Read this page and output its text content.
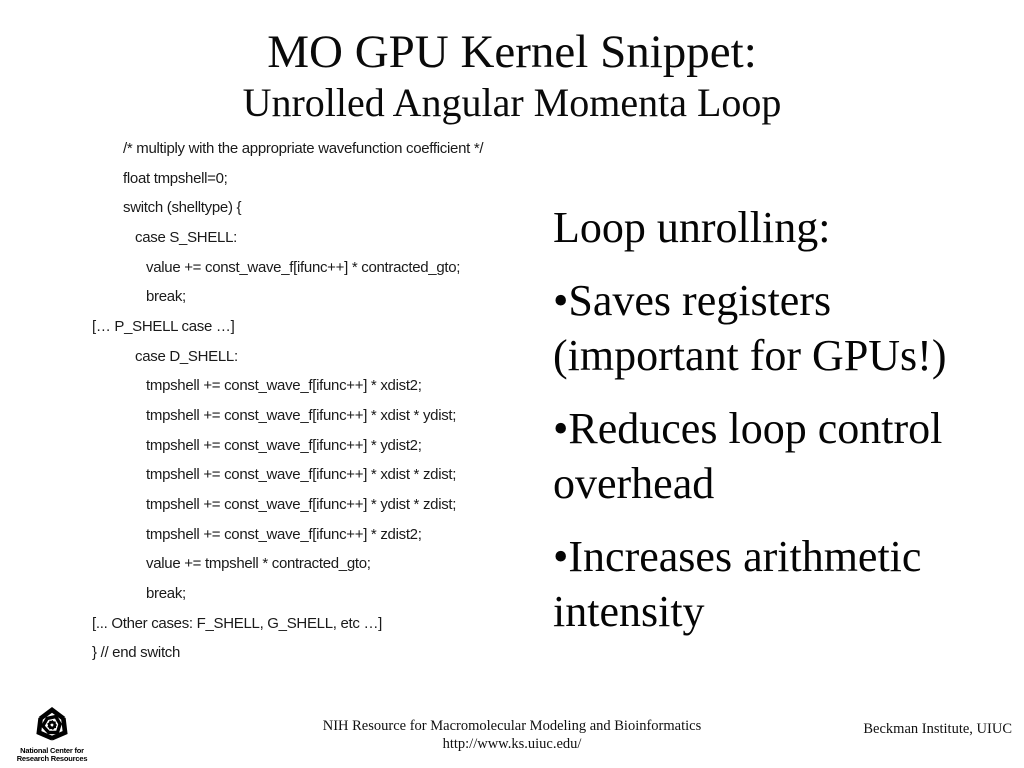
MO GPU Kernel Snippet:
Unrolled Angular Momenta Loop
/* multiply with the appropriate wavefunction coefficient */
float tmpshell=0;
switch (shelltype) {
case S_SHELL:
value += const_wave_f[ifunc++] * contracted_gto;
break;
[… P_SHELL case …]
case D_SHELL:
tmpshell += const_wave_f[ifunc++] * xdist2;
tmpshell += const_wave_f[ifunc++] * xdist * ydist;
tmpshell += const_wave_f[ifunc++] * ydist2;
tmpshell += const_wave_f[ifunc++] * xdist * zdist;
tmpshell += const_wave_f[ifunc++] * ydist * zdist;
tmpshell += const_wave_f[ifunc++] * zdist2;
value += tmpshell * contracted_gto;
break;
[... Other cases: F_SHELL, G_SHELL, etc …]
} // end switch
Loop unrolling:
•Saves registers
(important for GPUs!)
•Reduces loop control
overhead
•Increases arithmetic
intensity
National Center for
Research Resources
NIH Resource for Macromolecular Modeling and Bioinformatics
http://www.ks.uiuc.edu/
Beckman Institute, UIUC
